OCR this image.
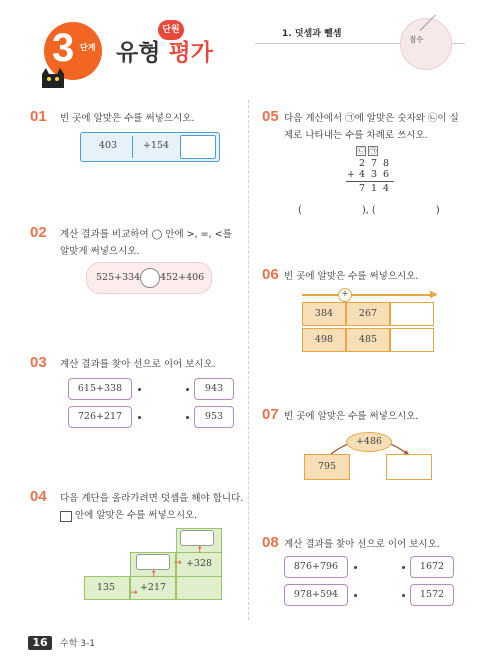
3 단계
단원
유형 평가
1. 덧셈과 뺄셈
점수
01 빈 곳에 알맞은 수를 써넣으시오.
403	+154
02 계산 결과를 비교하여 ◯ 안에 >, =, <를
알맞게 써넣으시오.
525+334 452+406
03 계산 결과를 찾아 선으로 이어 보시오.
615+338	943
726+217	953
04 다음 계단을 올라가려면 덧셈을 해야 합니다.
안에 알맞은 수를 써넣으시오.
135	→ +217
↑
→ +328
↑
05 다음 계산에서 ㉠에 알맞은 숫자와 ㉡이 실
제로 나타내는 수를 차례로 쓰시오.
㉡ ㉠
2 7 8
+ 4 3 6
7 1 4
(                    ), (                    )
06 빈 곳에 알맞은 수를 써넣으시오.
▶
+
384	267
498	485
07 빈 곳에 알맞은 수를 써넣으시오.
+486
795
08 계산 결과를 찾아 선으로 이어 보시오.
876+796	1672
978+594	1572
16	수학 3-1
